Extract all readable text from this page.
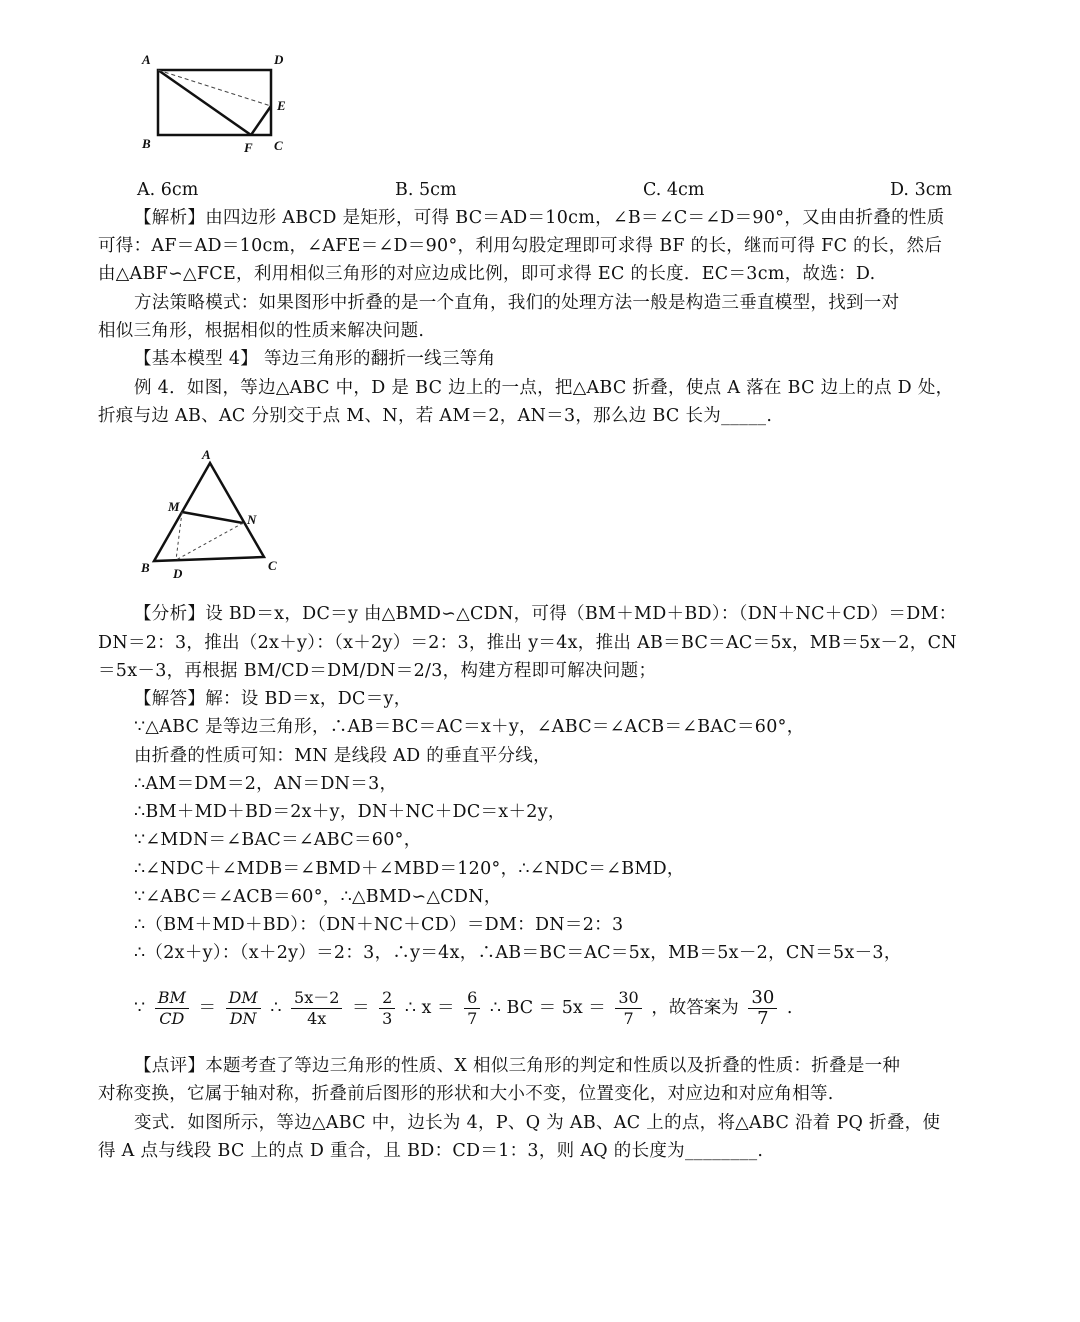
A	D
E
B	F C
A. 6cm	B. 5cm	C. 4cm	D. 3cm
【解析】由四边形 ABCD 是矩形，可得 BC＝AD＝10cm，∠B＝∠C＝∠D＝90°，又由由折叠的性质
可得：AF＝AD＝10cm，∠AFE＝∠D＝90°，利用勾股定理即可求得 BF 的长，继而可得 FC 的长，然后
由△ABF∽△FCE，利用相似三角形的对应边成比例，即可求得 EC 的长度．EC＝3cm，故选：D.
方法策略模式：如果图形中折叠的是一个直角，我们的处理方法一般是构造三垂直模型，找到一对
相似三角形，根据相似的性质来解决问题.
【基本模型 4】 等边三角形的翻折一线三等角
例 4．如图，等边△ABC 中，D 是 BC 边上的一点，把△ABC 折叠，使点 A 落在 BC 边上的点 D 处，
折痕与边 AB、AC 分别交于点 M、N，若 AM＝2，AN＝3，那么边 BC 长为_____.
A
M
N
B D
C
【分析】设 BD＝x，DC＝y 由△BMD∽△CDN，可得（BM＋MD＋BD）：（DN＋NC＋CD）＝DM：
DN＝2：3，推出（2x＋y）：（x＋2y）＝2：3，推出 y＝4x，推出 AB＝BC＝AC＝5x，MB＝5x－2，CN
＝5x－3，再根据 BM/CD＝DM/DN＝2/3，构建方程即可解决问题；
【解答】解：设 BD＝x，DC＝y，
∵△ABC 是等边三角形，∴AB＝BC＝AC＝x＋y，∠ABC＝∠ACB＝∠BAC＝60°，
由折叠的性质可知：MN 是线段 AD 的垂直平分线，
∴AM＝DM＝2，AN＝DN＝3，
∴BM＋MD＋BD＝2x＋y，DN＋NC＋DC＝x＋2y，
∵∠MDN＝∠BAC＝∠ABC＝60°，
∴∠NDC＋∠MDB＝∠BMD＋∠MBD＝120°，∴∠NDC＝∠BMD，
∵∠ABC＝∠ACB＝60°，∴△BMD∽△CDN，
∴（BM＋MD＋BD）：（DN＋NC＋CD）＝DM：DN＝2：3
∴（2x＋y）：（x＋2y）＝2：3，∴y＝4x，∴AB＝BC＝AC＝5x，MB＝5x－2，CN＝5x－3，
∵ $\frac{BM}{CD} = \frac{DM}{DN}$ ∴ $\frac{5x-2}{4x} = \frac{2}{3}$ ∴ $x = \frac{6}{7}$ ∴ BC ＝ $5x = \frac{30}{7}$ ，故答案为 $\frac{30}{7}$ .
【点评】本题考查了等边三角形的性质、X 相似三角形的判定和性质以及折叠的性质：折叠是一种
对称变换，它属于轴对称，折叠前后图形的形状和大小不变，位置变化，对应边和对应角相等.
变式．如图所示，等边△ABC 中，边长为 4，P、Q 为 AB、AC 上的点，将△ABC 沿着 PQ 折叠，使
得 A 点与线段 BC 上的点 D 重合，且 BD：CD＝1：3，则 AQ 的长度为________.
